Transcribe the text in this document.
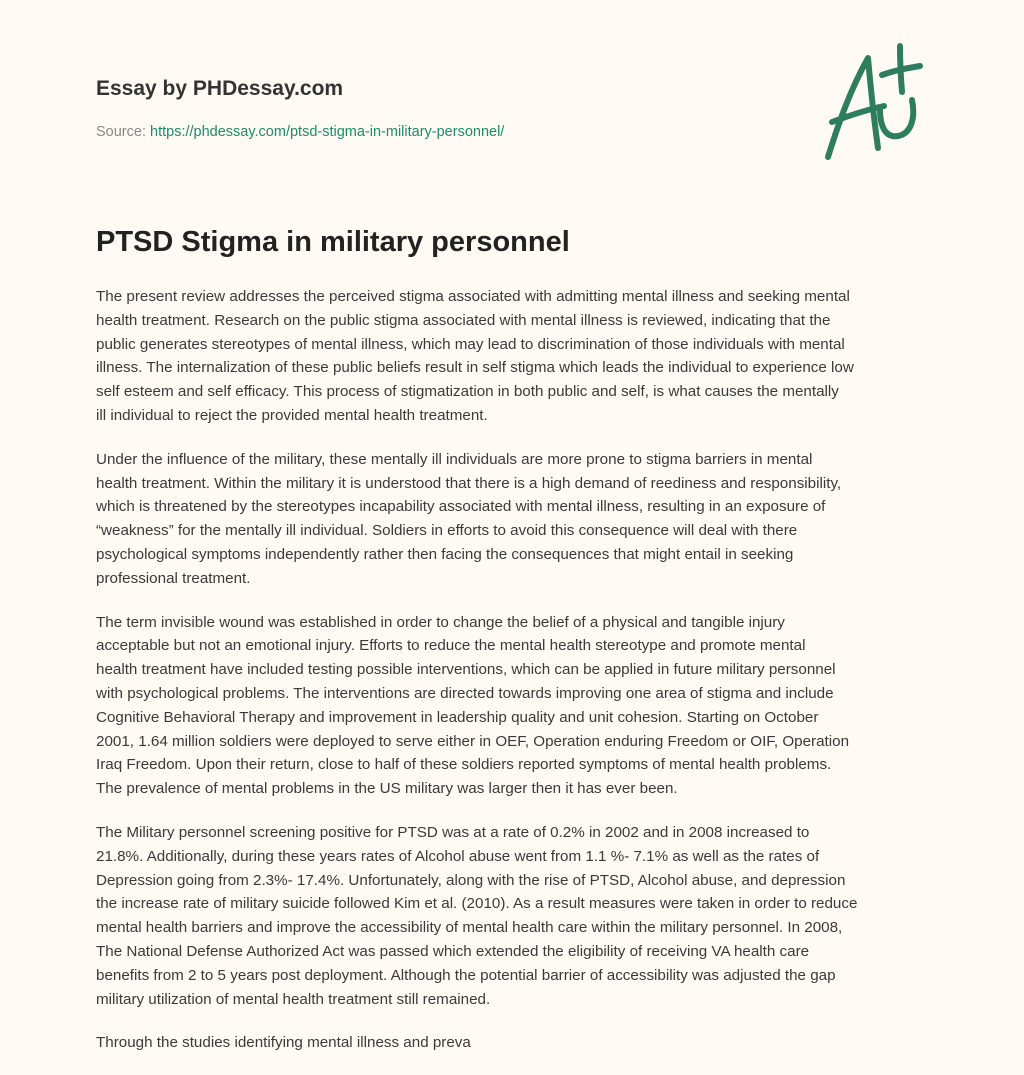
Essay by PHDessay.com
Source: https://phdessay.com/ptsd-stigma-in-military-personnel/
PTSD Stigma in military personnel

The present review addresses the perceived stigma associated with admitting mental illness and seeking mental
health treatment. Research on the public stigma associated with mental illness is reviewed, indicating that the
public generates stereotypes of mental illness, which may lead to discrimination of those individuals with mental
illness. The internalization of these public beliefs result in self stigma which leads the individual to experience low
self esteem and self efficacy. This process of stigmatization in both public and self, is what causes the mentally
ill individual to reject the provided mental health treatment.

Under the influence of the military, these mentally ill individuals are more prone to stigma barriers in mental
health treatment. Within the military it is understood that there is a high demand of reediness and responsibility,
which is threatened by the stereotypes incapability associated with mental illness, resulting in an exposure of
“weakness” for the mentally ill individual. Soldiers in efforts to avoid this consequence will deal with there
psychological symptoms independently rather then facing the consequences that might entail in seeking
professional treatment.

The term invisible wound was established in order to change the belief of a physical and tangible injury
acceptable but not an emotional injury. Efforts to reduce the mental health stereotype and promote mental
health treatment have included testing possible interventions, which can be applied in future military personnel
with psychological problems. The interventions are directed towards improving one area of stigma and include
Cognitive Behavioral Therapy and improvement in leadership quality and unit cohesion. Starting on October
2001, 1.64 million soldiers were deployed to serve either in OEF, Operation enduring Freedom or OIF, Operation
Iraq Freedom. Upon their return, close to half of these soldiers reported symptoms of mental health problems.
The prevalence of mental problems in the US military was larger then it has ever been.

The Military personnel screening positive for PTSD was at a rate of 0.2% in 2002 and in 2008 increased to
21.8%. Additionally, during these years rates of Alcohol abuse went from 1.1 %- 7.1% as well as the rates of
Depression going from 2.3%- 17.4%. Unfortunately, along with the rise of PTSD, Alcohol abuse, and depression
the increase rate of military suicide followed Kim et al. (2010). As a result measures were taken in order to reduce
mental health barriers and improve the accessibility of mental health care within the military personnel. In 2008,
The National Defense Authorized Act was passed which extended the eligibility of receiving VA health care
benefits from 2 to 5 years post deployment. Although the potential barrier of accessibility was adjusted the gap
military utilization of mental health treatment still remained.

Through the studies identifying mental illness and preva
